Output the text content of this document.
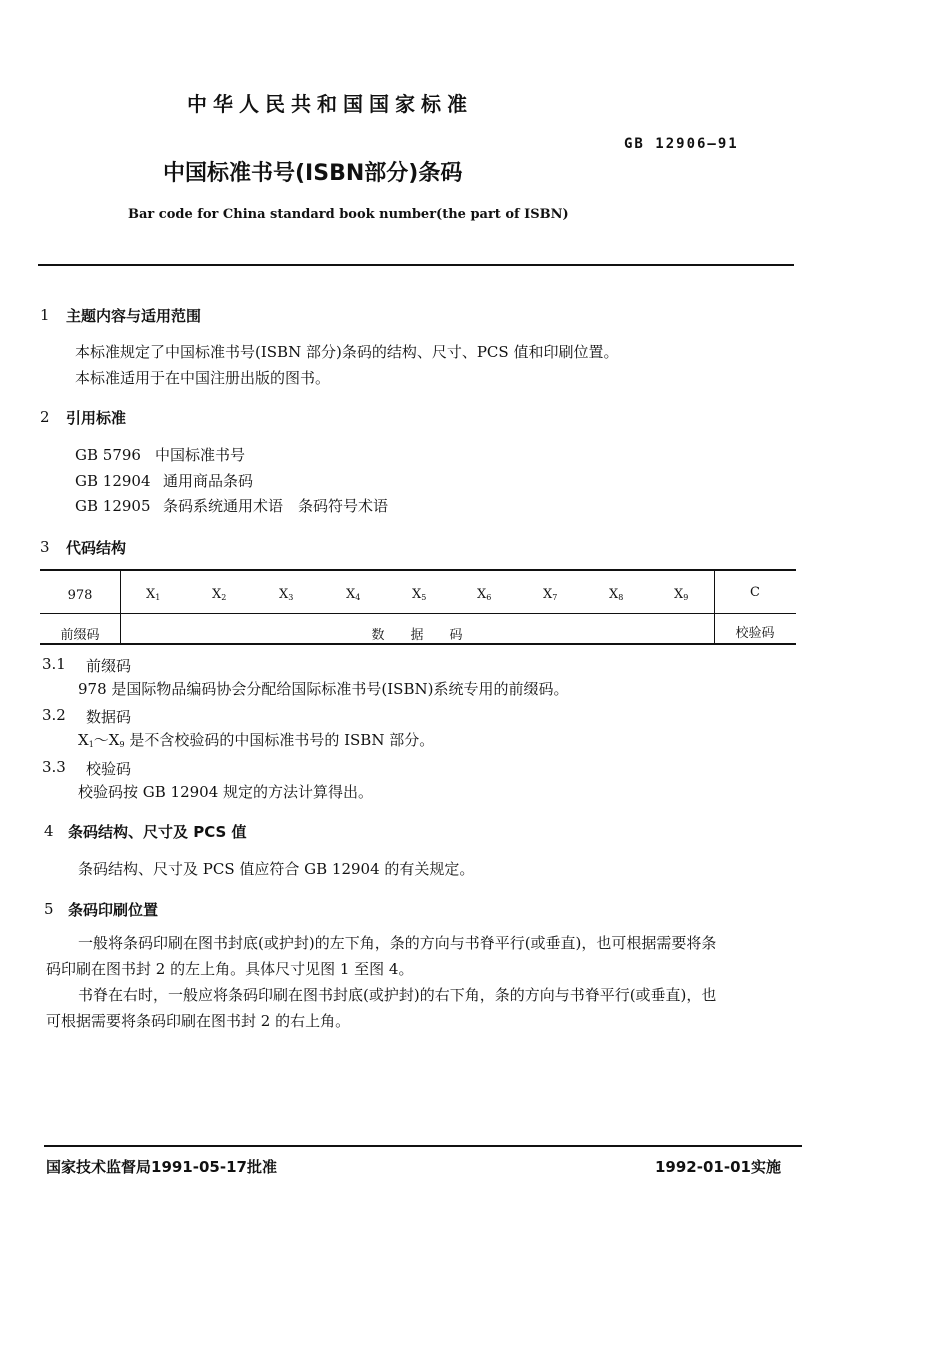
中华人民共和国国家标准
GB 12906—91
中国标准书号(ISBN部分)条码
Bar code for China standard book number(the part of ISBN)
1 主题内容与适用范围
本标准规定了中国标准书号(ISBN 部分)条码的结构、尺寸、PCS 值和印刷位置。
本标准适用于在中国注册出版的图书。
2 引用标准
GB 5796 中国标准书号
GB 12904 通用商品条码
GB 12905 条码系统通用术语　条码符号术语
3 代码结构
978	$X_1$	$X_2$	$X_3$	$X_4$	$X_5$	$X_6$	$X_7$	$X_8$	$X_9$	C
前缀码	数　　据　　码	校验码
3.1 前缀码
978 是国际物品编码协会分配给国际标准书号(ISBN)系统专用的前缀码。
3.2 数据码
$X_1\sim X_9$ 是不含校验码的中国标准书号的 ISBN 部分。
3.3 校验码
校验码按 GB 12904 规定的方法计算得出。
4 条码结构、尺寸及 PCS 值
条码结构、尺寸及 PCS 值应符合 GB 12904 的有关规定。
5 条码印刷位置
一般将条码印刷在图书封底(或护封)的左下角，条的方向与书脊平行(或垂直)，也可根据需要将条
码印刷在图书封 2 的左上角。具体尺寸见图 1 至图 4。
书脊在右时，一般应将条码印刷在图书封底(或护封)的右下角，条的方向与书脊平行(或垂直)，也
可根据需要将条码印刷在图书封 2 的右上角。
国家技术监督局1991-05-17批准	1992-01-01实施
